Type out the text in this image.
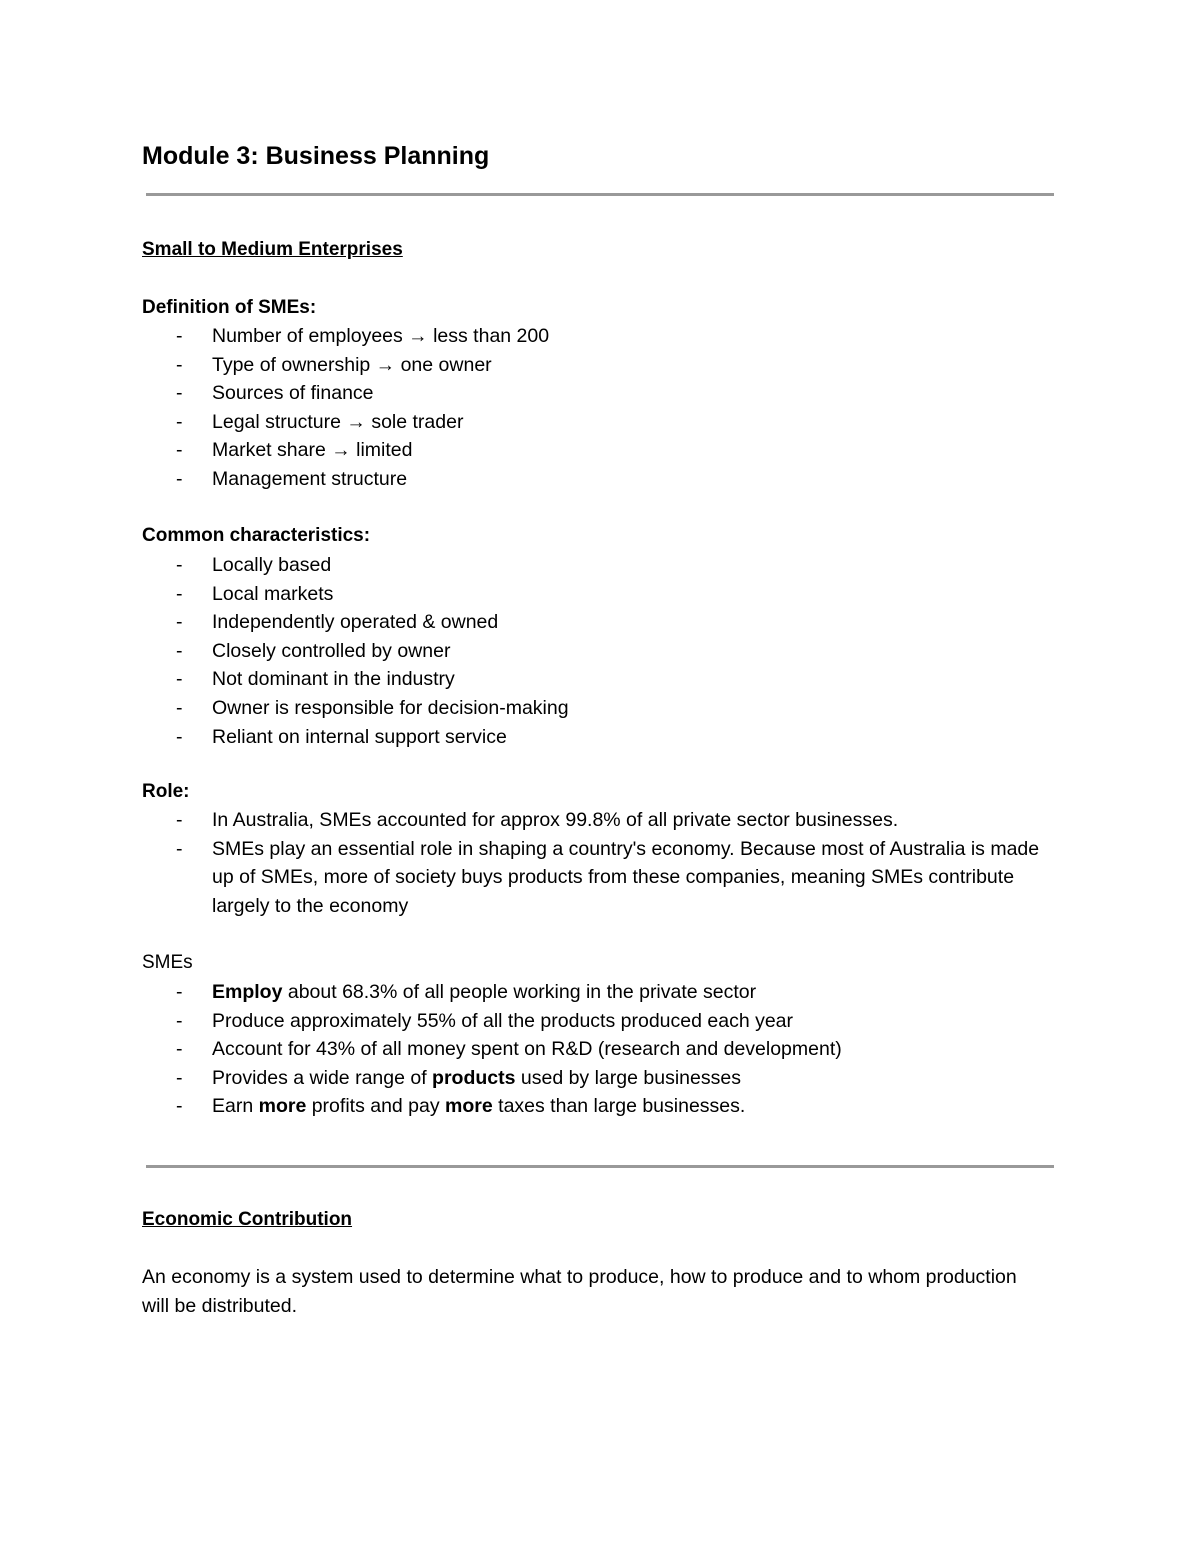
Module 3: Business Planning
Small to Medium Enterprises
Definition of SMEs:
- Number of employees → less than 200
- Type of ownership → one owner
- Sources of finance
- Legal structure → sole trader
- Market share → limited
- Management structure
Common characteristics:
- Locally based
- Local markets
- Independently operated & owned
- Closely controlled by owner
- Not dominant in the industry
- Owner is responsible for decision-making
- Reliant on internal support service
Role:
- In Australia, SMEs accounted for approx 99.8% of all private sector businesses.
- SMEs play an essential role in shaping a country's economy. Because most of Australia is made up of SMEs, more of society buys products from these companies, meaning SMEs contribute largely to the economy
SMEs
- Employ about 68.3% of all people working in the private sector
- Produce approximately 55% of all the products produced each year
- Account for 43% of all money spent on R&D (research and development)
- Provides a wide range of products used by large businesses
- Earn more profits and pay more taxes than large businesses.
Economic Contribution

An economy is a system used to determine what to produce, how to produce and to whom production will be distributed.
